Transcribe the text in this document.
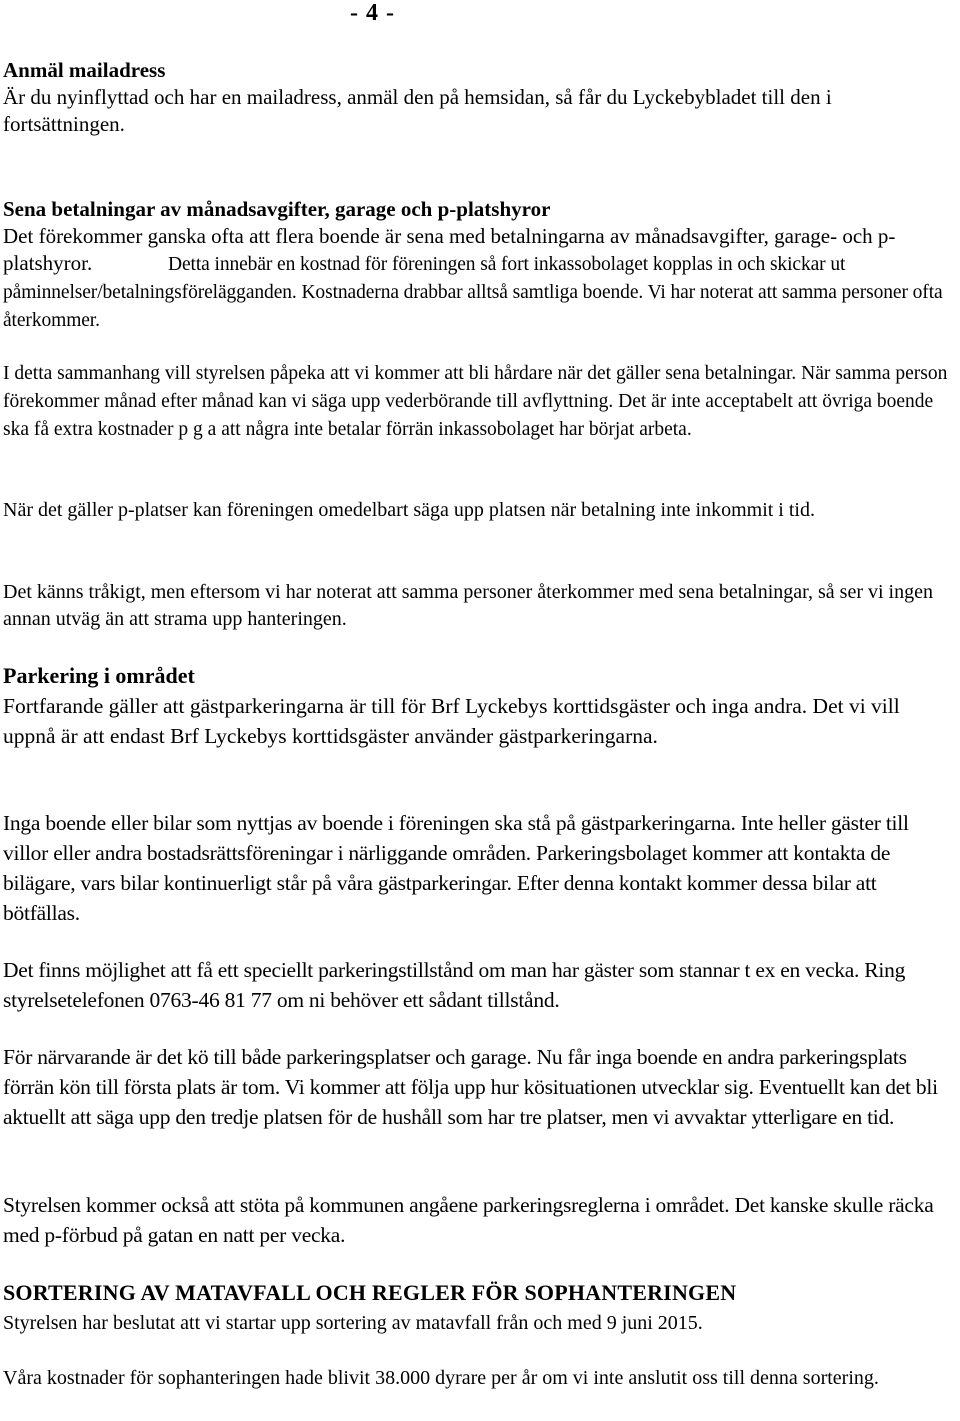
- 4 -
Anmäl mailadress
Är du nyinflyttad och har en mailadress, anmäl den på hemsidan, så får du Lyckebybladet till den i fortsättningen.
Sena betalningar av månadsavgifter, garage och p-platshyror
Det förekommer ganska ofta att flera boende är sena med betalningarna av månadsavgifter, garage- och p-platshyror.	Detta innebär en kostnad för föreningen så fort inkassobolaget kopplas in och skickar ut påminnelser/betalningsförelägganden. Kostnaderna drabbar alltså samtliga boende. Vi har noterat att samma personer ofta återkommer.
I detta sammanhang vill styrelsen påpeka att vi kommer att bli hårdare när det gäller sena betalningar. När samma person förekommer månad efter månad kan vi säga upp vederbörande till avflyttning. Det är inte acceptabelt att övriga boende ska få extra kostnader p g a att några inte betalar förrän inkassobolaget har börjat arbeta.
När det gäller p-platser kan föreningen omedelbart säga upp platsen när betalning inte inkommit i tid.
Det känns tråkigt, men eftersom vi har noterat att samma personer återkommer med sena betalningar, så ser vi ingen annan utväg än att strama upp hanteringen.
Parkering i området
Fortfarande gäller att gästparkeringarna är till för Brf Lyckebys korttidsgäster och inga andra. Det vi vill uppnå är att endast Brf Lyckebys korttidsgäster använder gästparkeringarna.
Inga boende eller bilar som nyttjas av boende i föreningen ska stå på gästparkeringarna. Inte heller gäster till villor eller andra bostadsrättsföreningar i närliggande områden. Parkeringsbolaget kommer att kontakta de bilägare, vars bilar kontinuerligt står på våra gästparkeringar. Efter denna kontakt kommer dessa bilar att bötfällas.
Det finns möjlighet att få ett speciellt parkeringstillstånd om man har gäster som stannar t ex en vecka. Ring styrelsetelefonen 0763-46 81 77 om ni behöver ett sådant tillstånd.
För närvarande är det kö till både parkeringsplatser och garage. Nu får inga boende en andra parkeringsplats förrän kön till första plats är tom. Vi kommer att följa upp hur kösituationen utvecklar sig. Eventuellt kan det bli aktuellt att säga upp den tredje platsen för de hushåll som har tre platser, men vi avvaktar ytterligare en tid.
Styrelsen kommer också att stöta på kommunen angåene parkeringsreglerna i området. Det kanske skulle räcka med p-förbud på gatan en natt per vecka.
SORTERING AV MATAVFALL OCH REGLER FÖR SOPHANTERINGEN
Styrelsen har beslutat att vi startar upp sortering av matavfall från och med 9 juni 2015.
Våra kostnader för sophanteringen hade blivit 38.000 dyrare per år om vi inte anslutit oss till denna sortering.
